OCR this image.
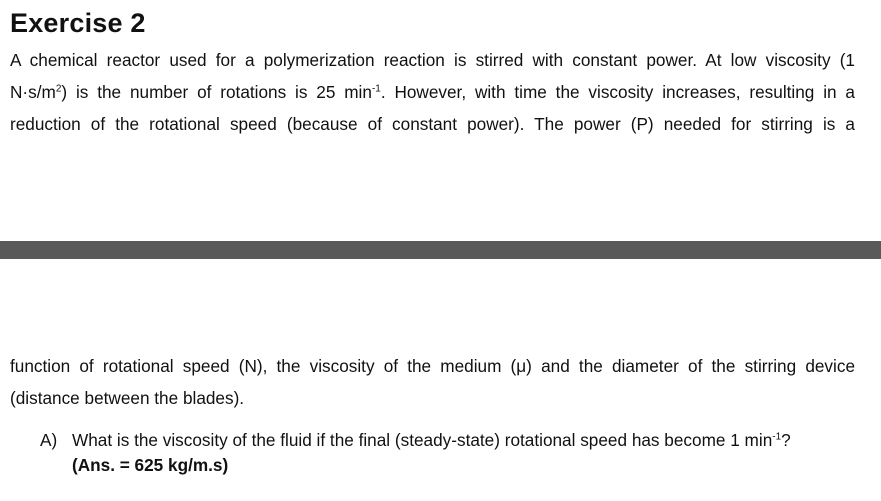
Exercise 2
A chemical reactor used for a polymerization reaction is stirred with constant power. At low viscosity (1
$N\cdot s/m^2$) is the number of rotations is 25 $\min^{-1}$. However, with time the viscosity increases, resulting in a
reduction of the rotational speed (because of constant power). The power (P) needed for stirring is a
function of rotational speed (N), the viscosity of the medium (μ) and the diameter of the stirring device
(distance between the blades).
A) What is the viscosity of the fluid if the final (steady-state) rotational speed has become 1 $\min^{-1}$?
(Ans. = 625 kg/m.s)
